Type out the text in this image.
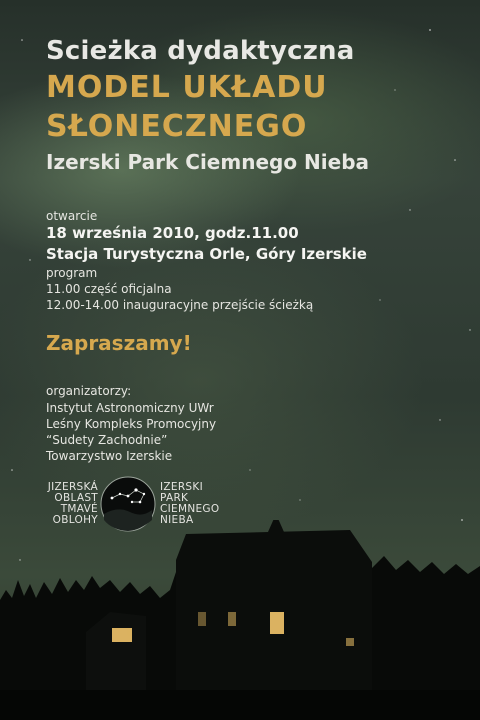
Scieżka dydaktyczna
MODEL UKŁADU
SŁONECZNEGO
Izerski Park Ciemnego Nieba
otwarcie
18 września 2010, godz.11.00
Stacja Turystyczna Orle, Góry Izerskie
program
11.00 część oficjalna
12.00-14.00 inauguracyjne przejście ścieżką
Zapraszamy!
organizatorzy:
Instytut Astronomiczny UWr
Leśny Kompleks Promocyjny
“Sudety Zachodnie”
Towarzystwo Izerskie
JIZERSKÁ
OBLAST
TMAVÉ
OBLOHY
IZERSKI
PARK
CIEMNEGO
NIEBA
